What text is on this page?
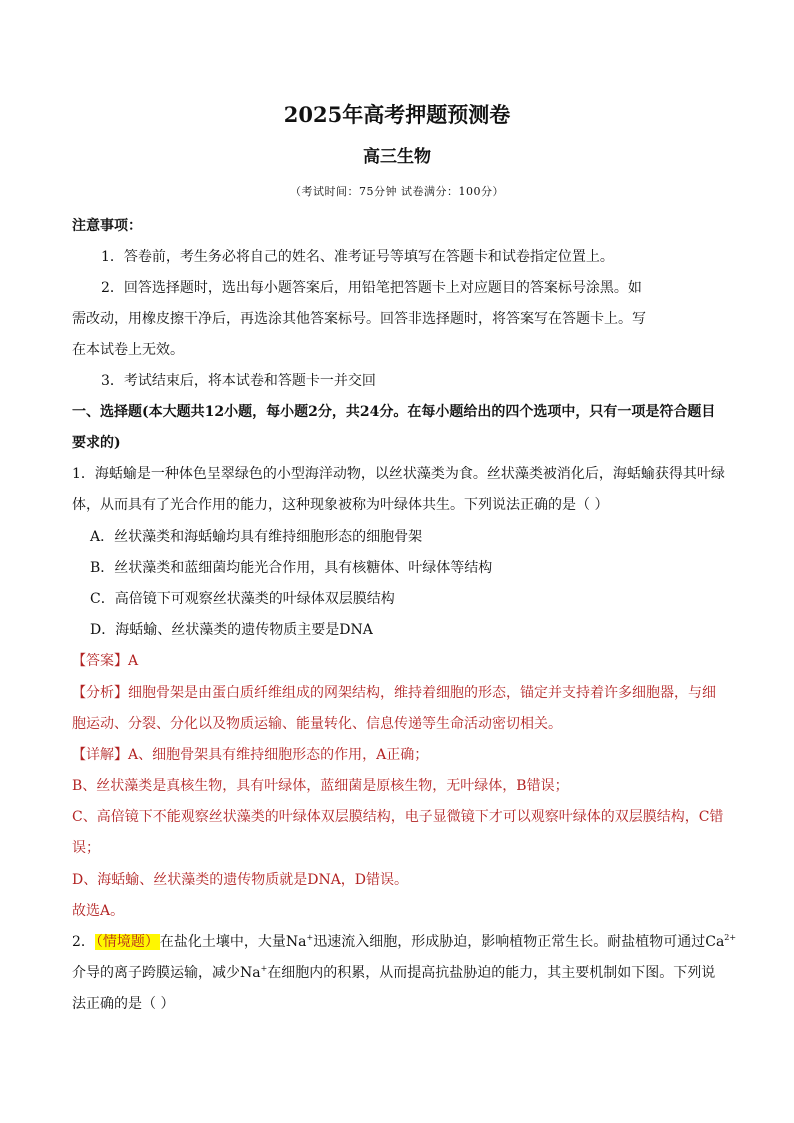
2025年高考押题预测卷
高三生物
（考试时间：75分钟 试卷满分：100分）
注意事项：
1．答卷前，考生务必将自己的姓名、准考证号等填写在答题卡和试卷指定位置上。
2．回答选择题时，选出每小题答案后，用铅笔把答题卡上对应题目的答案标号涂黑。如
需改动，用橡皮擦干净后，再选涂其他答案标号。回答非选择题时，将答案写在答题卡上。写
在本试卷上无效。
3．考试结束后，将本试卷和答题卡一并交回
一、选择题(本大题共12小题，每小题2分，共24分。在每小题给出的四个选项中，只有一项是符合题目
要求的)
1．海蛞蝓是一种体色呈翠绿色的小型海洋动物，以丝状藻类为食。丝状藻类被消化后，海蛞蝓获得其叶绿
体，从而具有了光合作用的能力，这种现象被称为叶绿体共生。下列说法正确的是（ ）
A．丝状藻类和海蛞蝓均具有维持细胞形态的细胞骨架
B．丝状藻类和蓝细菌均能光合作用，具有核糖体、叶绿体等结构
C．高倍镜下可观察丝状藻类的叶绿体双层膜结构
D．海蛞蝓、丝状藻类的遗传物质主要是DNA
【答案】A
【分析】细胞骨架是由蛋白质纤维组成的网架结构，维持着细胞的形态，锚定并支持着许多细胞器，与细
胞运动、分裂、分化以及物质运输、能量转化、信息传递等生命活动密切相关。
【详解】A、细胞骨架具有维持细胞形态的作用，A正确；
B、丝状藻类是真核生物，具有叶绿体，蓝细菌是原核生物，无叶绿体，B错误；
C、高倍镜下不能观察丝状藻类的叶绿体双层膜结构，电子显微镜下才可以观察叶绿体的双层膜结构，C错
误；
D、海蛞蝓、丝状藻类的遗传物质就是DNA，D错误。
故选A。
2．（情境题）在盐化土壤中，大量Na+迅速流入细胞，形成胁迫，影响植物正常生长。耐盐植物可通过$Ca^{2+}$
介导的离子跨膜运输，减少Na+在细胞内的积累，从而提高抗盐胁迫的能力，其主要机制如下图。下列说
法正确的是（ ）
